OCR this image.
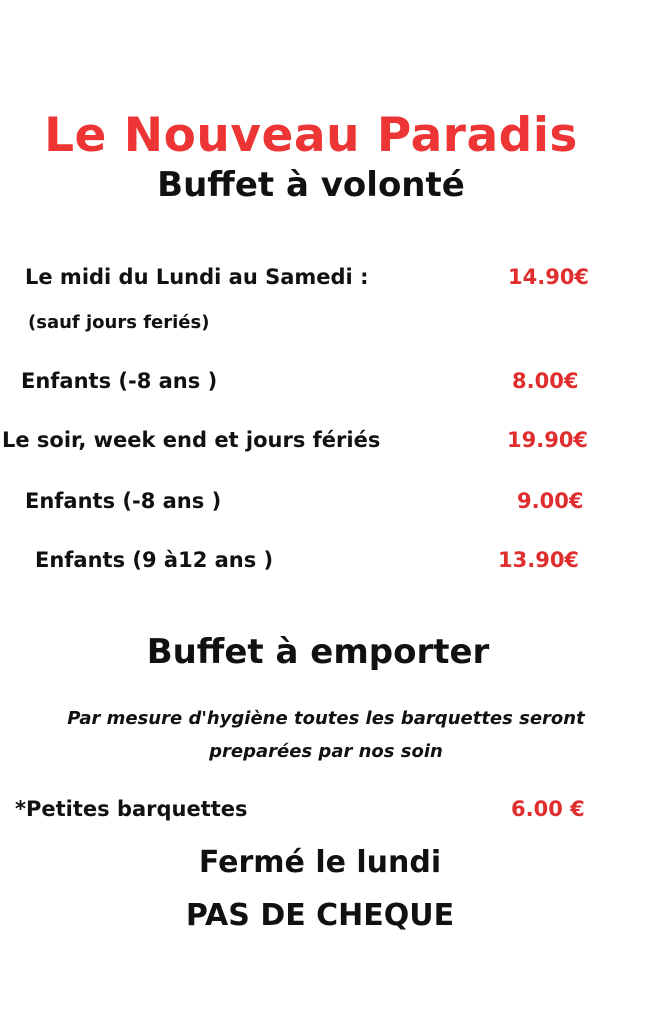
Le Nouveau Paradis
Buffet à volonté
Le midi du Lundi au Samedi :	14.90€
(sauf jours feriés)
Enfants (-8 ans )	8.00€
Le soir, week end et jours fériés	19.90€
Enfants (-8 ans )	9.00€
Enfants (9 à12 ans )	13.90€
Buffet à emporter
Par mesure d'hygiène toutes les barquettes seront
preparées par nos soin
*Petites barquettes	6.00 €
Fermé le lundi
PAS DE CHEQUE
